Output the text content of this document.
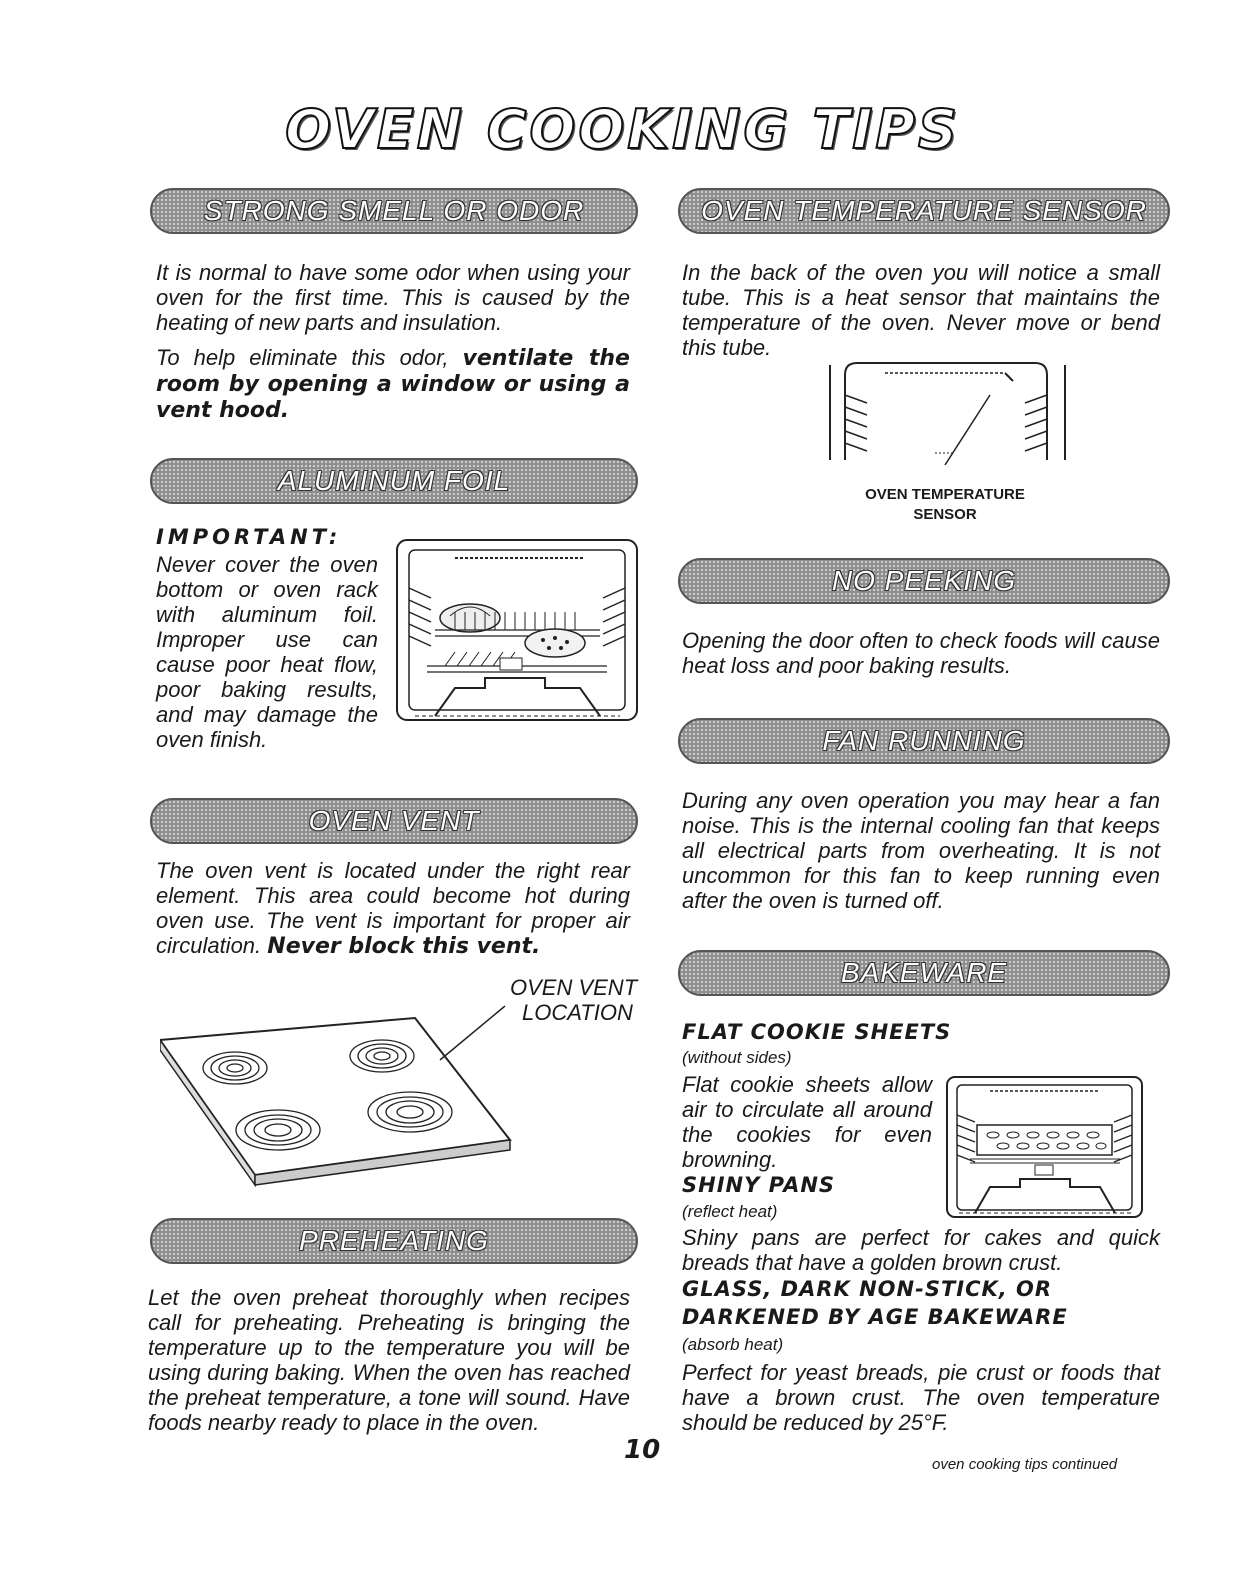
OVEN COOKING TIPS
STRONG SMELL OR ODOR

It is normal to have some odor when using your oven for the first time. This is caused by the heating of new parts and insulation.

To help eliminate this odor, ventilate the room by opening a window or using a vent hood.

ALUMINUM FOIL
IMPORTANT:

Never cover the oven bottom or oven rack with aluminum foil. Improper use can cause poor heat flow, poor baking results, and may damage the oven finish.

OVEN VENT

The oven vent is located under the right rear element. This area could become hot during oven use. The vent is important for proper air circulation. Never block this vent.

OVEN VENT
LOCATION
PREHEATING

Let the oven preheat thoroughly when recipes call for preheating. Preheating is bringing the temperature up to the temperature you will be using during baking. When the oven has reached the preheat temperature, a tone will sound. Have foods nearby ready to place in the oven.

OVEN TEMPERATURE SENSOR

In the back of the oven you will notice a small tube. This is a heat sensor that maintains the temperature of the oven. Never move or bend this tube.

OVEN TEMPERATURE
SENSOR
NO PEEKING

Opening the door often to check foods will cause heat loss and poor baking results.

FAN RUNNING

During any oven operation you may hear a fan noise. This is the internal cooling fan that keeps all electrical parts from overheating. It is not uncommon for this fan to keep running even after the oven is turned off.

BAKEWARE
FLAT COOKIE SHEETS
(without sides)

Flat cookie sheets allow air to circulate all around the cookies for even browning.

SHINY PANS
(reflect heat)

Shiny pans are perfect for cakes and quick breads that have a golden brown crust.

GLASS, DARK NON-STICK, OR
DARKENED BY AGE BAKEWARE
(absorb heat)

Perfect for yeast breads, pie crust or foods that have a brown crust. The oven temperature should be reduced by 25°F.

10	oven cooking tips continued
